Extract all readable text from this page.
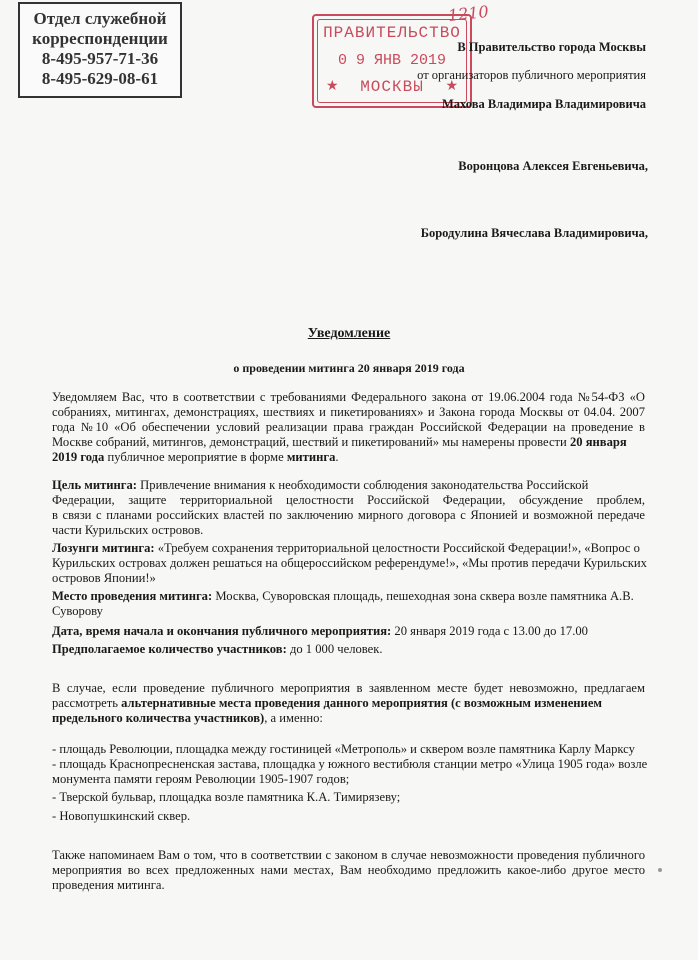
Отдел служебной
корреспонденции
8-495-957-71-36
8-495-629-08-61
ПРАВИТЕЛЬСТВО
0 9 ЯНВ 2019
МОСКВЫ
★	★
1210
В Правительство города Москвы
от организаторов публичного мероприятия
Махова Владимира Владимировича
Воронцова Алексея Евгеньевича,
Бородулина Вячеслава Владимировича,
Уведомление
о проведении митинга 20 января 2019 года
Уведомляем Вас, что в соответствии с требованиями Федерального закона от 19.06.2004 года №54-ФЗ «О
собраниях, митингах, демонстрациях, шествиях и пикетированиях» и Закона города Москвы от 04.04. 2007
года №10 «Об обеспечении условий реализации права граждан Российской Федерации на проведение в
Москве собраний, митингов, демонстраций, шествий и пикетирований» мы намерены провести 20 января
2019 года публичное мероприятие в форме митинга.
Цель митинга: Привлечение внимания к необходимости соблюдения законодательства Российской
Федерации, защите территориальной целостности Российской Федерации, обсуждение проблем,
в связи с планами российских властей по заключению мирного договора с Японией и возможной передаче
части Курильских островов.
Лозунги митинга: «Требуем сохранения территориальной целостности Российской Федерации!», «Вопрос о
Курильских островах должен решаться на общероссийском референдуме!», «Мы против передачи Курильских
островов Японии!»
Место проведения митинга: Москва, Суворовская площадь, пешеходная зона сквера возле памятника А.В.
Суворову
Дата, время начала и окончания публичного мероприятия: 20 января 2019 года с 13.00 до 17.00
Предполагаемое количество участников: до 1 000 человек.
В случае, если проведение публичного мероприятия в заявленном месте будет невозможно, предлагаем
рассмотреть альтернативные места проведения данного мероприятия (с возможным изменением
предельного количества участников), а именно:
- площадь Революции, площадка между гостиницей «Метрополь» и сквером возле памятника Карлу Марксу
- площадь Краснопресненская застава, площадка у южного вестибюля станции метро «Улица 1905 года» возле
монумента памяти героям Революции 1905-1907 годов;
- Тверской бульвар, площадка возле памятника К.А. Тимирязеву;
- Новопушкинский сквер.
Также напоминаем Вам о том, что в соответствии с законом в случае невозможности проведения публичного
мероприятия во всех предложенных нами местах, Вам необходимо предложить какое-либо другое место
проведения митинга.
